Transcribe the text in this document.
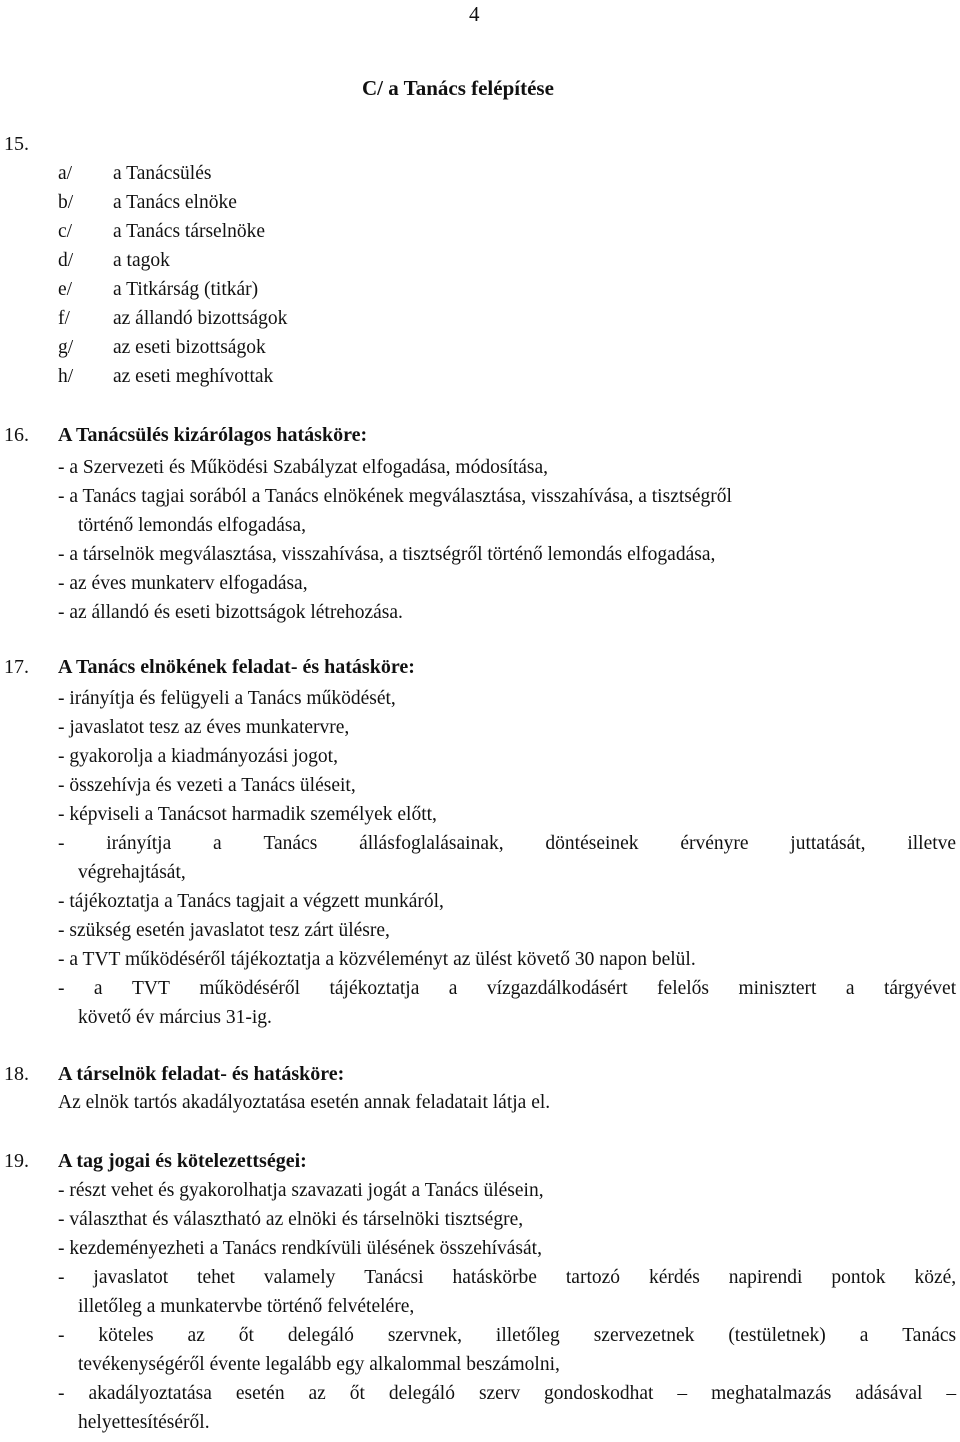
4
C/ a Tanács felépítése
15.
a/ a Tanácsülés
b/ a Tanács elnöke
c/ a Tanács társelnöke
d/ a tagok
e/ a Titkárság (titkár)
f/ az állandó bizottságok
g/ az eseti bizottságok
h/ az eseti meghívottak
16. A Tanácsülés kizárólagos hatásköre:
- a Szervezeti és Működési Szabályzat elfogadása, módosítása,
- a Tanács tagjai sorából a Tanács elnökének megválasztása, visszahívása, a tisztségről
történő lemondás elfogadása,
- a társelnök megválasztása, visszahívása, a tisztségről történő lemondás elfogadása,
- az éves munkaterv elfogadása,
- az állandó és eseti bizottságok létrehozása.
17. A Tanács elnökének feladat- és hatásköre:
- irányítja és felügyeli a Tanács működését,
- javaslatot tesz az éves munkatervre,
- gyakorolja a kiadmányozási jogot,
- összehívja és vezeti a Tanács üléseit,
- képviseli a Tanácsot harmadik személyek előtt,
- irányítja a Tanács állásfoglalásainak, döntéseinek érvényre juttatását, illetve
végrehajtását,
- tájékoztatja a Tanács tagjait a végzett munkáról,
- szükség esetén javaslatot tesz zárt ülésre,
- a TVT működéséről tájékoztatja a közvéleményt az ülést követő 30 napon belül.
- a TVT működéséről tájékoztatja a vízgazdálkodásért felelős minisztert a tárgyévet
követő év március 31-ig.
18. A társelnök feladat- és hatásköre:
Az elnök tartós akadályoztatása esetén annak feladatait látja el.
19. A tag jogai és kötelezettségei:
- részt vehet és gyakorolhatja szavazati jogát a Tanács ülésein,
- választhat és választható az elnöki és társelnöki tisztségre,
- kezdeményezheti a Tanács rendkívüli ülésének összehívását,
- javaslatot tehet valamely Tanácsi hatáskörbe tartozó kérdés napirendi pontok közé,
illetőleg a munkatervbe történő felvételére,
- köteles az őt delegáló szervnek, illetőleg szervezetnek (testületnek) a Tanács
tevékenységéről évente legalább egy alkalommal beszámolni,
- akadályoztatása esetén az őt delegáló szerv gondoskodhat – meghatalmazás adásával –
helyettesítéséről.
